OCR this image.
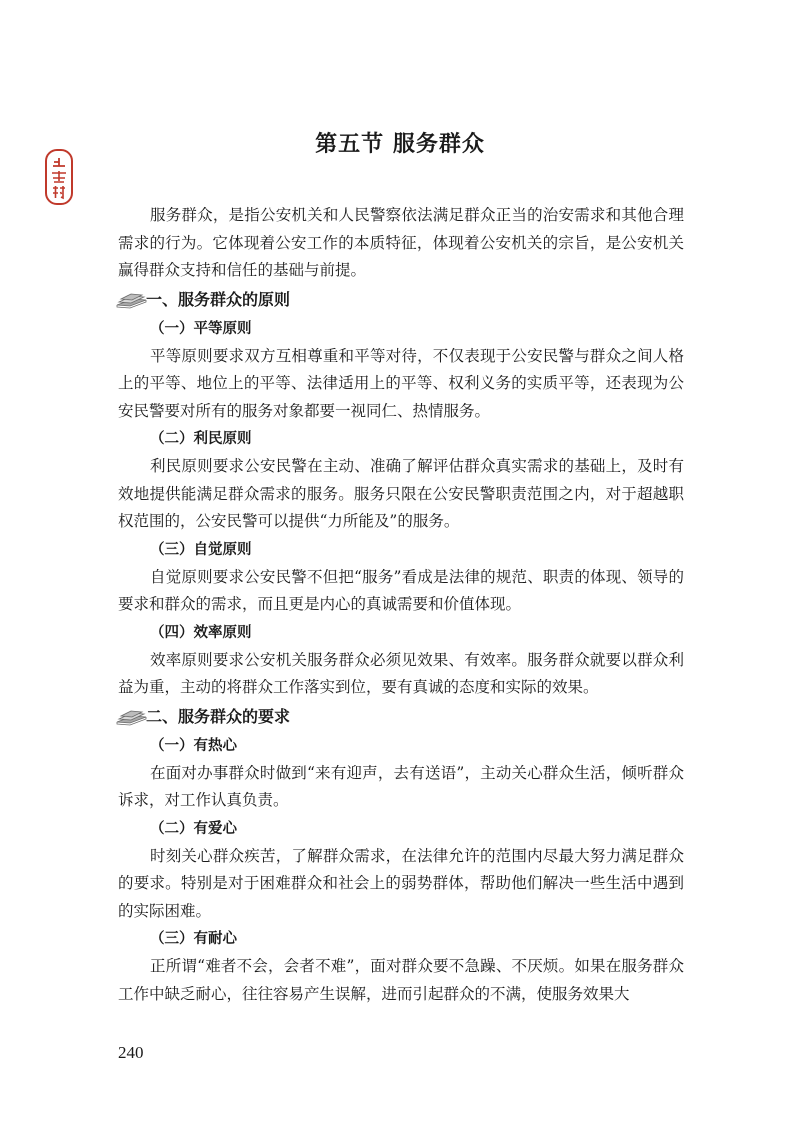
第五节 服务群众

服务群众，是指公安机关和人民警察依法满足群众正当的治安需求和其他合理需求的行为。它体现着公安工作的本质特征，体现着公安机关的宗旨，是公安机关赢得群众支持和信任的基础与前提。

一、服务群众的原则
（一）平等原则

平等原则要求双方互相尊重和平等对待，不仅表现于公安民警与群众之间人格上的平等、地位上的平等、法律适用上的平等、权利义务的实质平等，还表现为公安民警要对所有的服务对象都要一视同仁、热情服务。

（二）利民原则

利民原则要求公安民警在主动、准确了解评估群众真实需求的基础上，及时有效地提供能满足群众需求的服务。服务只限在公安民警职责范围之内，对于超越职权范围的，公安民警可以提供“力所能及”的服务。

（三）自觉原则

自觉原则要求公安民警不但把“服务”看成是法律的规范、职责的体现、领导的要求和群众的需求，而且更是内心的真诚需要和价值体现。

（四）效率原则

效率原则要求公安机关服务群众必须见效果、有效率。服务群众就要以群众利益为重，主动的将群众工作落实到位，要有真诚的态度和实际的效果。

二、服务群众的要求
（一）有热心

在面对办事群众时做到“来有迎声，去有送语”，主动关心群众生活，倾听群众诉求，对工作认真负责。

（二）有爱心

时刻关心群众疾苦，了解群众需求，在法律允许的范围内尽最大努力满足群众的要求。特别是对于困难群众和社会上的弱势群体，帮助他们解决一些生活中遇到的实际困难。

（三）有耐心

正所谓“难者不会，会者不难”，面对群众要不急躁、不厌烦。如果在服务群众工作中缺乏耐心，往往容易产生误解，进而引起群众的不满，使服务效果大

240
